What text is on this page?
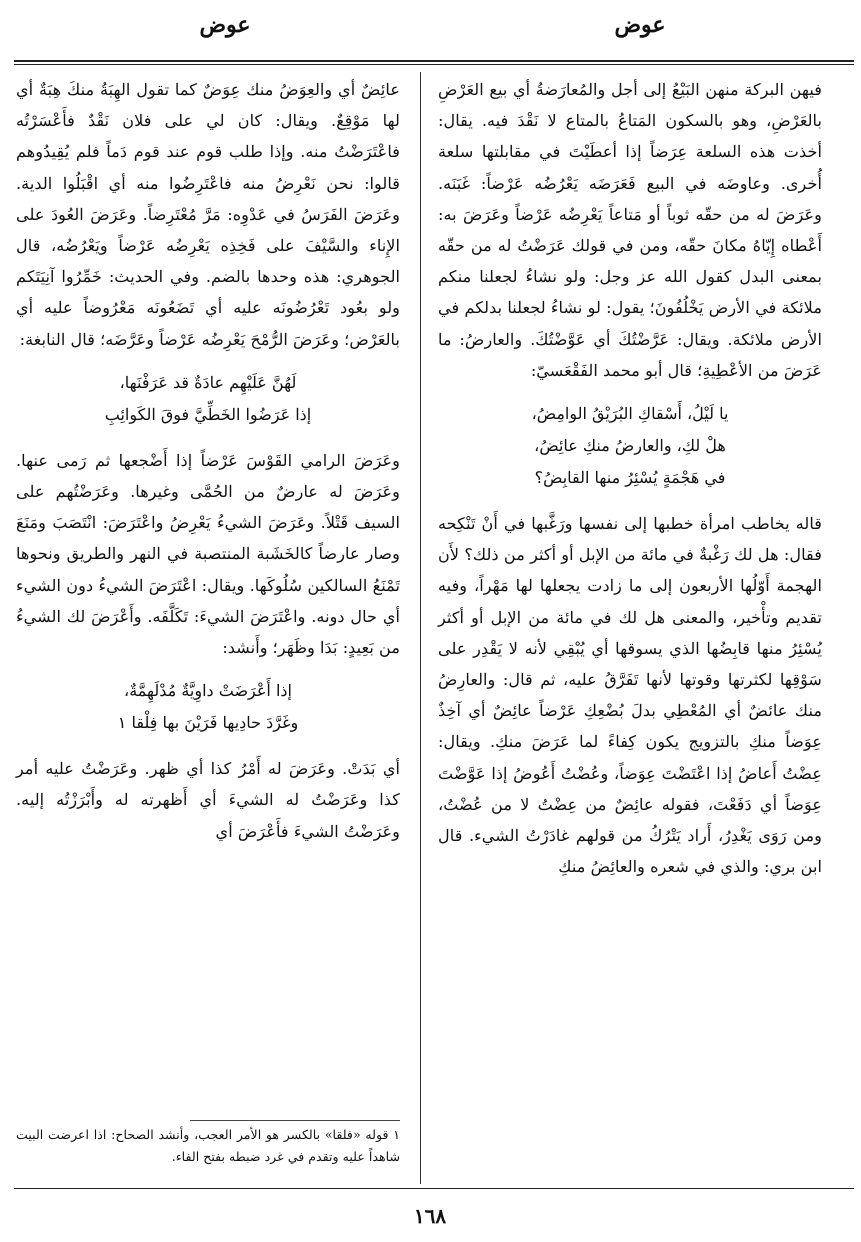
عوض
عوض

فيهن البركة منهن البَيْعُ إلى أجل والمُعارَضةُ أي بيع العَرْضِ بالعَرْضِ، وهو بالسكون المَتاعُ بالمتاع لا نَقْدَ فيه. يقال: أخذت هذه السلعة عِرَضاً إذا أعطَيْتَ في مقابلتها سلعة أُخرى. وعاوضَه في البيع فَعَرَضَه يَعْرُضُه عَرْضاً: غَبَنَه. وعَرَضَ له من حقّه ثوباً أو مَتاعاً يَعْرِضُه عَرْضاً وعَرَضَ به: أَعْطاه إِيّاهُ مكانَ حقّه، ومن في قولك عَرَضْتُ له من حقّه بمعنى البدل كقول الله عز وجل: ولو نشاءُ لجعلنا منكم ملائكة في الأرض يَخْلُفُونَ؛ يقول: لو نشاءُ لجعلنا بدلكم في الأرض ملائكة. ويقال: عَرَّضْتُكَ أي عَوَّضْتُكَ. والعارضُ: ما عَرَضَ من الأعْطِيةِ؛ قال أبو محمد الفَقْعَسيّ:

يا لَيْلُ، أَسْقاكِ البُرَيْقُ الوامِضُ،
هلْ لكِ، والعارضُ منكِ عائِضُ،
في هَجْمَةٍ يُسْئِرُ منها القابِضُ؟

قاله يخاطب امرأة خطبها إلى نفسها ورَغَّبها في أَنْ تَنْكِحه فقال: هل لك رَغْبةٌ في مائة من الإبل أو أكثر من ذلك؟ لأَن الهجمة أَوّلُها الأربعون إلى ما زادت يجعلها لها مَهْراً، وفيه تقديم وتأْخير، والمعنى هل لك في مائة من الإبل أو أكثر يُسْئِرُ منها قابِضُها الذي يسوقها أي يُبْقِي لأنه لا يَقْدِر على سَوْقِها لكثرتها وقوتها لأنها تَفَرَّقُ عليه، ثم قال: والعارِضُ منك عائضٌ أي المُعْطِي بدلَ بُضْعِكِ عَرْضاً عائِضٌ أي آخِذٌ عِوَضاً منكِ بالتزويج يكون كِفاءً لما عَرَضَ منكِ. ويقال: عِضْتُ أَعاضُ إذا اعْتَضْتَ عِوَضاً، وعُضْتُ أَعُوضُ إذا عَوَّضْتَ عِوَضاً أي دَفَعْتَ، فقوله عائِضٌ من عِضْتُ لا من عُضْتُ، ومن رَوَى يَغْدِرُ، أَراد يَتْرُكُ من قولهم غادَرْتُ الشيء. قال ابن بري: والذي في شعره والعائِضُ منكِ

عائِضٌ أي والعِوَضُ منك عِوَضٌ كما تقول الهِبَةُ منكَ هِبَةٌ أي لها مَوْقِعٌ. ويقال: كان لي على فلان نَقْدٌ فأَعْسَرْتُه فاعْتَرَضْتُ منه. وإذا طلب قوم عند قوم دَماً فلم يُقِيدُوهم قالوا: نحن نَعْرِضُ منه فاعْتَرِضُوا منه أي اقْبَلُوا الدية. وعَرَضَ الفَرَسُ في عَدْوِه: مَرَّ مُعْتَرِضاً. وعَرَضَ العُودَ على الإِناء والسَّيْفَ على فَخِذِه يَعْرِضُه عَرْضاً ويَعْرُضُه، قال الجوهري: هذه وحدها بالضم. وفي الحديث: خَمِّرُوا آنِيَتَكم ولو بعُود تَعْرُضُونَه عليه أي تَضَعُونَه مَعْرُوضاً عليه أي بالعَرْض؛ وعَرَضَ الرُّمْحَ يَعْرِضُه عَرْضاً وعَرَّضَه؛ قال النابغة:

لَهُنَّ عَلَيْهِم عادَةٌ قد عَرَفْنَها،
إذا عَرَضُوا الخَطِّيَّ فوقَ الكَوائِبِ

وعَرَضَ الرامي القَوْسَ عَرْضاً إذا أَضْجعها ثم رَمى عنها. وعَرَضَ له عارضٌ من الحُمَّى وغيرها. وعَرَضْتُهم على السيف قَتْلاً. وعَرَضَ الشيءُ يَعْرِضُ واعْتَرَضَ: انْتَصَبَ ومَنَعَ وصار عارضاً كالخَشَبة المنتصبة في النهر والطريق ونحوها تَمْنَعُ السالكين سُلُوكَها. ويقال: اعْتَرَضَ الشيءُ دون الشيء أي حال دونه. واعْتَرَضَ الشيءَ: تَكَلَّفَه. وأَعْرَضَ لك الشيءُ من بَعِيدٍ: بَدَا وظَهَر؛ وأَنشد:

إذا أَعْرَضَتْ داوِيَّةٌ مُدْلَهِمَّةٌ،
وغَرَّدَ حادِيها فَرَيْنَ بها فِلْقا ١

أي بَدَتْ. وعَرَضَ له أَمْرُ كذا أي ظهر. وعَرَضْتُ عليه أمر كذا وعَرَضْتُ له الشيءَ أي أَظهرته له وأَبْرَزْتُه إليه. وعَرَضْتُ الشيءَ فأَعْرَضَ أي

١ قوله «فلقا» بالكسر هو الأمر العجب، وأنشد الصحاح: اذا اعرضت البيت شاهداً عليه وتقدم في غرد ضبطه بفتح الفاء.
١٦٨
